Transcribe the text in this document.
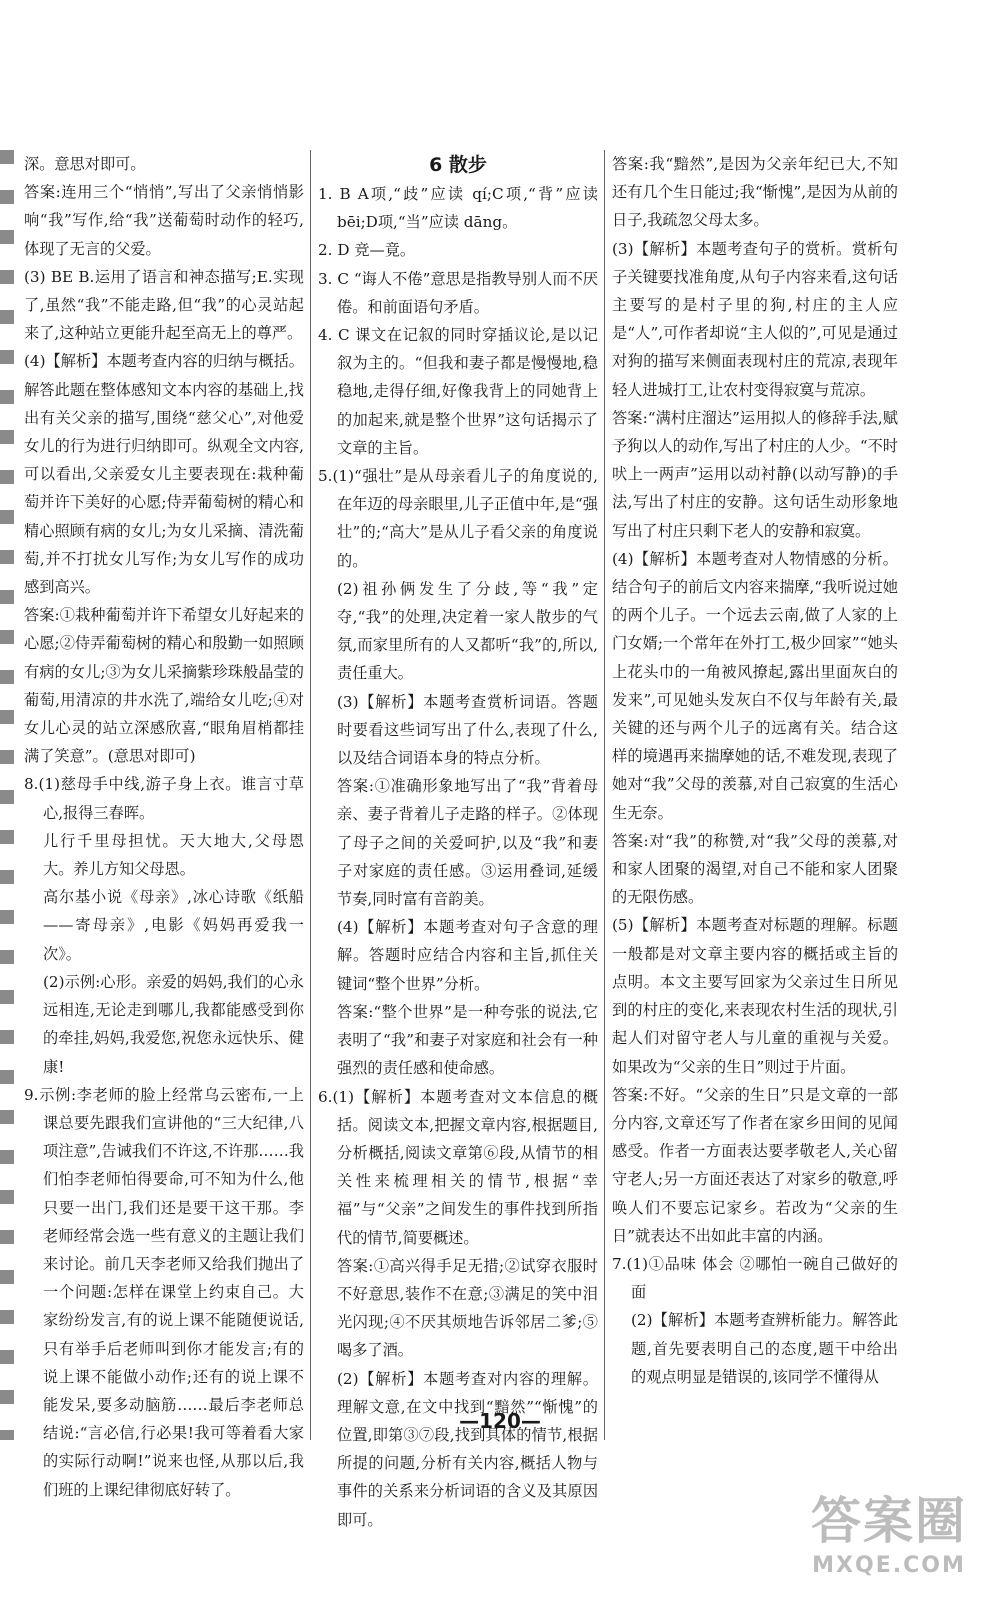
深。意思对即可。

答案:连用三个“悄悄”,写出了父亲悄悄影响“我”写作,给“我”送葡萄时动作的轻巧,体现了无言的父爱。

(3) BE B.运用了语言和神态描写;E.实现了,虽然“我”不能走路,但“我”的心灵站起来了,这种站立更能升起至高无上的尊严。

(4)【解析】本题考查内容的归纳与概括。解答此题在整体感知文本内容的基础上,找出有关父亲的描写,围绕“慈父心”,对他爱女儿的行为进行归纳即可。纵观全文内容,可以看出,父亲爱女儿主要表现在:栽种葡萄并许下美好的心愿;侍弄葡萄树的精心和精心照顾有病的女儿;为女儿采摘、清洗葡萄,并不打扰女儿写作;为女儿写作的成功感到高兴。

答案:①栽种葡萄并许下希望女儿好起来的心愿;②侍弄葡萄树的精心和殷勤一如照顾有病的女儿;③为女儿采摘紫珍珠般晶莹的葡萄,用清凉的井水洗了,端给女儿吃;④对女儿心灵的站立深感欣喜,“眼角眉梢都挂满了笑意”。(意思对即可)

8.(1)慈母手中线,游子身上衣。谁言寸草心,报得三春晖。

儿行千里母担忧。天大地大,父母恩大。养儿方知父母恩。

高尔基小说《母亲》,冰心诗歌《纸船——寄母亲》,电影《妈妈再爱我一次》。

(2)示例:心形。亲爱的妈妈,我们的心永远相连,无论走到哪儿,我都能感受到你的牵挂,妈妈,我爱您,祝您永远快乐、健康!

9.示例:李老师的脸上经常乌云密布,一上课总要先跟我们宣讲他的“三大纪律,八项注意”,告诫我们不许这,不许那……我们怕李老师怕得要命,可不知为什么,他只要一出门,我们还是要干这干那。李老师经常会选一些有意义的主题让我们来讨论。前几天李老师又给我们抛出了一个问题:怎样在课堂上约束自己。大家纷纷发言,有的说上课不能随便说话,只有举手后老师叫到你才能发言;有的说上课不能做小动作;还有的说上课不能发呆,要多动脑筋……最后李老师总结说:“言必信,行必果!我可等着看大家的实际行动啊!”说来也怪,从那以后,我们班的上课纪律彻底好转了。

6 散步

1. B A项,“歧”应读 qí;C项,“背”应读 bēi;D项,“当”应读 dāng。

2. D 竞—竟。

3. C “诲人不倦”意思是指教导别人而不厌倦。和前面语句矛盾。

4. C 课文在记叙的同时穿插议论,是以记叙为主的。“但我和妻子都是慢慢地,稳稳地,走得仔细,好像我背上的同她背上的加起来,就是整个世界”这句话揭示了文章的主旨。

5.(1)“强壮”是从母亲看儿子的角度说的,在年迈的母亲眼里,儿子正值中年,是“强壮”的;“高大”是从儿子看父亲的角度说的。

(2)祖孙俩发生了分歧,等“我”定夺,“我”的处理,决定着一家人散步的气氛,而家里所有的人又都听“我”的,所以,责任重大。

(3)【解析】本题考查赏析词语。答题时要看这些词写出了什么,表现了什么,以及结合词语本身的特点分析。

答案:①准确形象地写出了“我”背着母亲、妻子背着儿子走路的样子。②体现了母子之间的关爱呵护,以及“我”和妻子对家庭的责任感。③运用叠词,延缓节奏,同时富有音韵美。

(4)【解析】本题考查对句子含意的理解。答题时应结合内容和主旨,抓住关键词“整个世界”分析。

答案:“整个世界”是一种夸张的说法,它表明了“我”和妻子对家庭和社会有一种强烈的责任感和使命感。

6.(1)【解析】本题考查对文本信息的概括。阅读文本,把握文章内容,根据题目,分析概括,阅读文章第⑥段,从情节的相关性来梳理相关的情节,根据“幸福”与“父亲”之间发生的事件找到所指代的情节,简要概述。

答案:①高兴得手足无措;②试穿衣服时不好意思,装作不在意;③满足的笑中泪光闪现;④不厌其烦地告诉邻居二爹;⑤喝多了酒。

(2)【解析】本题考查对内容的理解。理解文意,在文中找到“黯然”“惭愧”的位置,即第③⑦段,找到具体的情节,根据所提的问题,分析有关内容,概括人物与事件的关系来分析词语的含义及其原因即可。

答案:我“黯然”,是因为父亲年纪已大,不知还有几个生日能过;我“惭愧”,是因为从前的日子,我疏忽父母太多。

(3)【解析】本题考查句子的赏析。赏析句子关键要找准角度,从句子内容来看,这句话主要写的是村子里的狗,村庄的主人应是“人”,可作者却说“主人似的”,可见是通过对狗的描写来侧面表现村庄的荒凉,表现年轻人进城打工,让农村变得寂寞与荒凉。

答案:“满村庄溜达”运用拟人的修辞手法,赋予狗以人的动作,写出了村庄的人少。“不时吠上一两声”运用以动衬静(以动写静)的手法,写出了村庄的安静。这句话生动形象地写出了村庄只剩下老人的安静和寂寞。

(4)【解析】本题考查对人物情感的分析。结合句子的前后文内容来揣摩,“我听说过她的两个儿子。一个远去云南,做了人家的上门女婿;一个常年在外打工,极少回家”“她头上花头巾的一角被风撩起,露出里面灰白的发来”,可见她头发灰白不仅与年龄有关,最关键的还与两个儿子的远离有关。结合这样的境遇再来揣摩她的话,不难发现,表现了她对“我”父母的羡慕,对自己寂寞的生活心生无奈。

答案:对“我”的称赞,对“我”父母的羡慕,对和家人团聚的渴望,对自己不能和家人团聚的无限伤感。

(5)【解析】本题考查对标题的理解。标题一般都是对文章主要内容的概括或主旨的点明。本文主要写回家为父亲过生日所见到的村庄的变化,来表现农村生活的现状,引起人们对留守老人与儿童的重视与关爱。如果改为“父亲的生日”则过于片面。

答案:不好。“父亲的生日”只是文章的一部分内容,文章还写了作者在家乡田间的见闻感受。作者一方面表达要孝敬老人,关心留守老人;另一方面还表达了对家乡的敬意,呼唤人们不要忘记家乡。若改为“父亲的生日”就表达不出如此丰富的内涵。

7.(1)①品味 体会 ②哪怕一碗自己做好的面

(2)【解析】本题考查辨析能力。解答此题,首先要表明自己的态度,题干中给出的观点明显是错误的,该同学不懂得从

—120—
答案圈
MXQE.COM
